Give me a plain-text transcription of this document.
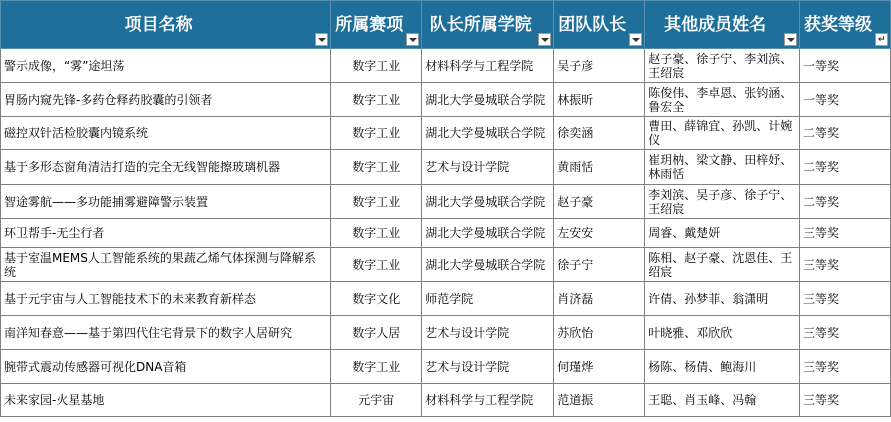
项目名称	所属赛项	队长所属学院	团队队长	其他成员姓名	获奖等级
↵

警示成像，“雾”途坦荡	数字工业	材料科学与工程学院	吴子彦	赵子豪、徐子宁、李刘滨、王绍宸	一等奖
胃肠内窥先锋-多药仓释药胶囊的引领者	数字工业	湖北大学曼城联合学院	林振昕	陈俊伟、李卓恩、张钧涵、鲁宏全	一等奖
磁控双针活检胶囊内镜系统	数字工业	湖北大学曼城联合学院	徐奕涵	曹田、薛锦宜、孙凯、计婉仪	二等奖
基于多形态窗角清洁打造的完全无线智能擦玻璃机器	数字工业	艺术与设计学院	黄雨恬	崔玥枘、梁文静、田梓妤、林雨恬	二等奖
智途雾航——多功能捕雾避障警示装置	数字工业	湖北大学曼城联合学院	赵子豪	李刘滨、吴子彦、徐子宁、王绍宸	二等奖
环卫帮手-无尘行者	数字工业	湖北大学曼城联合学院	左安安	周睿、戴楚妍	三等奖
基于室温MEMS人工智能系统的果蔬乙烯气体探测与降解系统	数字工业	湖北大学曼城联合学院	徐子宁	陈相、赵子豪、沈恩佳、王绍宸	三等奖
基于元宇宙与人工智能技术下的未来教育新样态	数字文化	师范学院	肖济磊	许倩、孙梦菲、翁潇明	三等奖
南洋知春意——基于第四代住宅背景下的数字人居研究	数字人居	艺术与设计学院	苏欣怡	叶晓雅、邓欣欣	三等奖
腕带式震动传感器可视化DNA音箱	数字工业	艺术与设计学院	何瑾烨	杨陈、杨倩、鲍海川	三等奖
未来家园-火星基地	元宇宙	材料科学与工程学院	范道振	王聪、肖玉峰、冯翰	三等奖
